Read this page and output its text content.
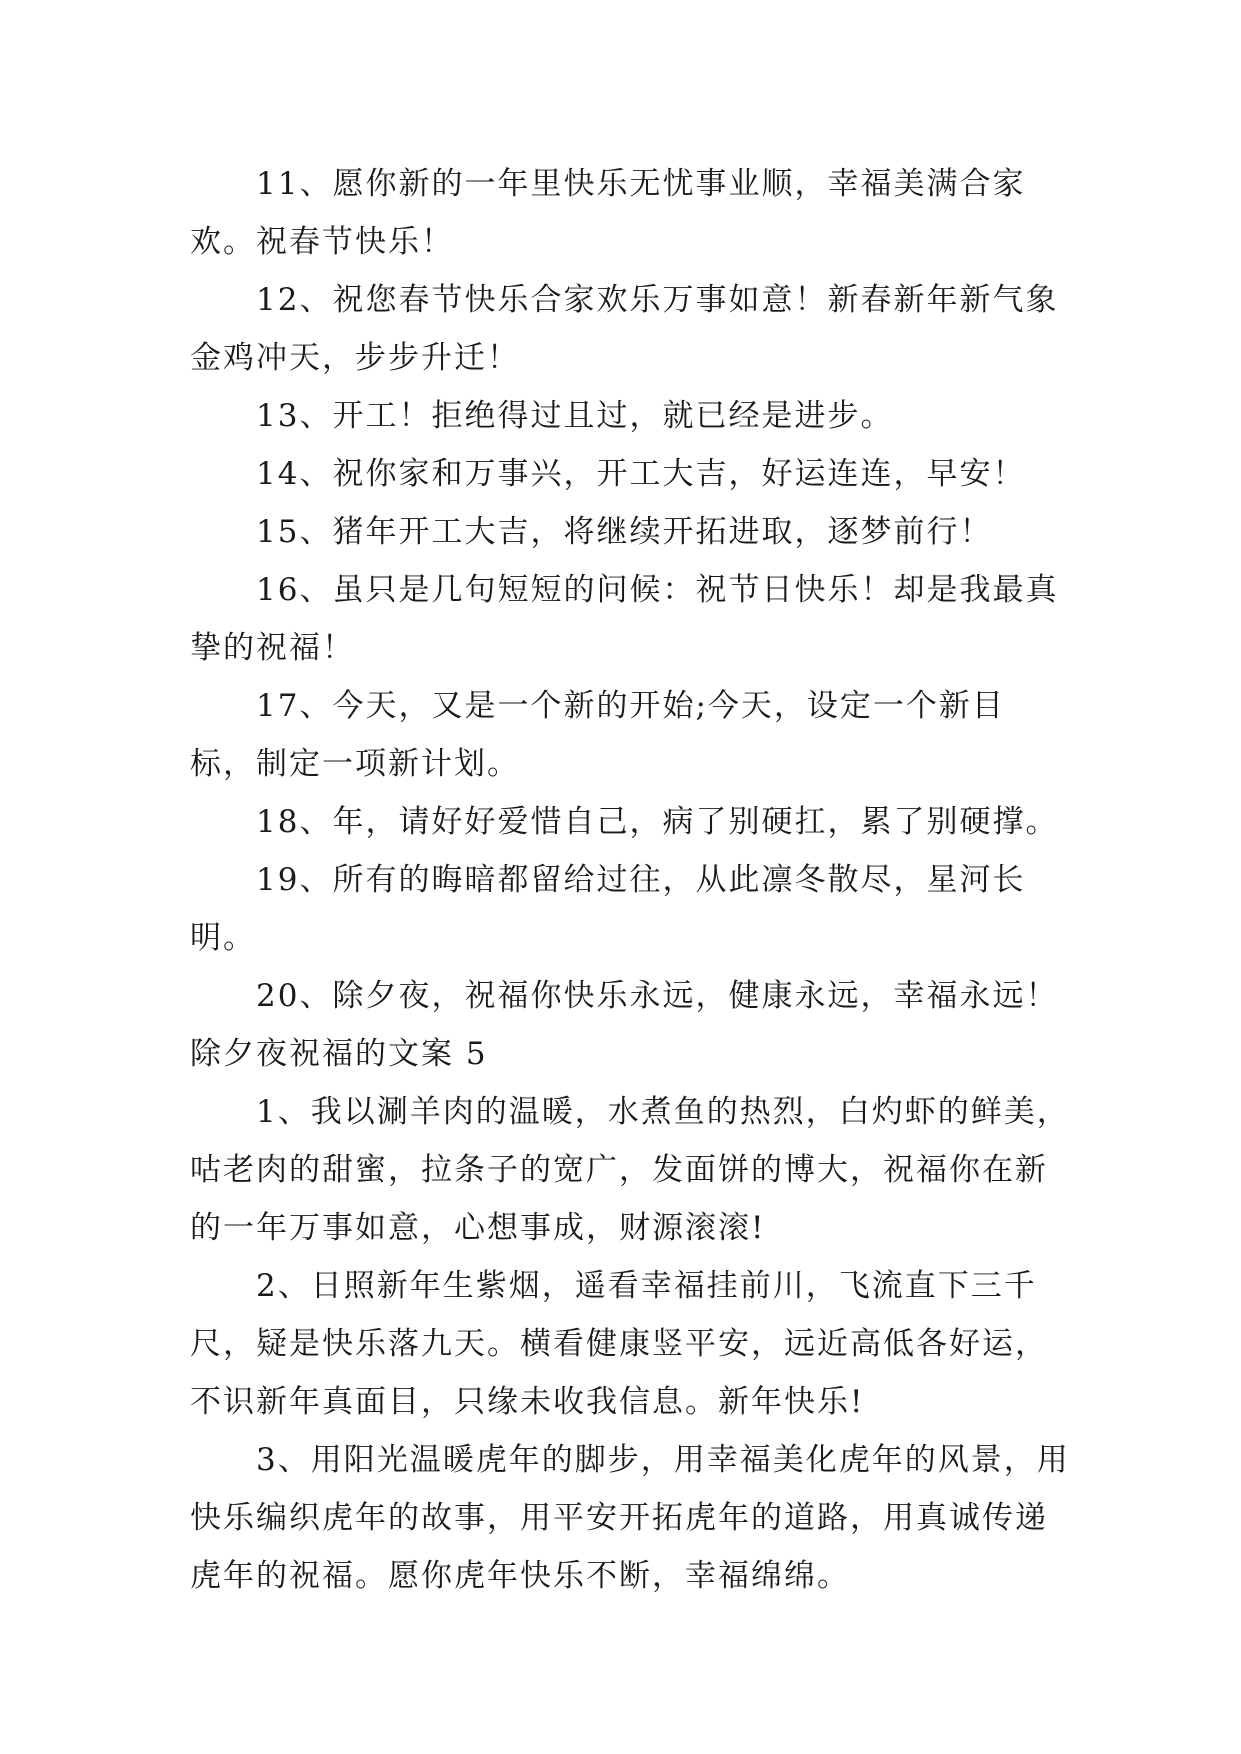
11、愿你新的一年里快乐无忧事业顺，幸福美满合家欢。祝春节快乐！

12、祝您春节快乐合家欢乐万事如意！新春新年新气象金鸡冲天，步步升迁！

13、开工！拒绝得过且过，就已经是进步。

14、祝你家和万事兴，开工大吉，好运连连，早安！

15、猪年开工大吉，将继续开拓进取，逐梦前行！

16、虽只是几句短短的问候：祝节日快乐！却是我最真挚的祝福！

17、今天，又是一个新的开始;今天，设定一个新目标，制定一项新计划。

18、年，请好好爱惜自己，病了别硬扛，累了别硬撑。

19、所有的晦暗都留给过往，从此凛冬散尽，星河长明。

20、除夕夜，祝福你快乐永远，健康永远，幸福永远！

除夕夜祝福的文案 5

1、我以涮羊肉的温暖，水煮鱼的热烈，白灼虾的鲜美，咕老肉的甜蜜，拉条子的宽广，发面饼的博大，祝福你在新的一年万事如意，心想事成，财源滚滚!

2、日照新年生紫烟，遥看幸福挂前川，飞流直下三千尺，疑是快乐落九天。横看健康竖平安，远近高低各好运，不识新年真面目，只缘未收我信息。新年快乐!

3、用阳光温暖虎年的脚步，用幸福美化虎年的风景，用快乐编织虎年的故事，用平安开拓虎年的道路，用真诚传递虎年的祝福。愿你虎年快乐不断，幸福绵绵。
